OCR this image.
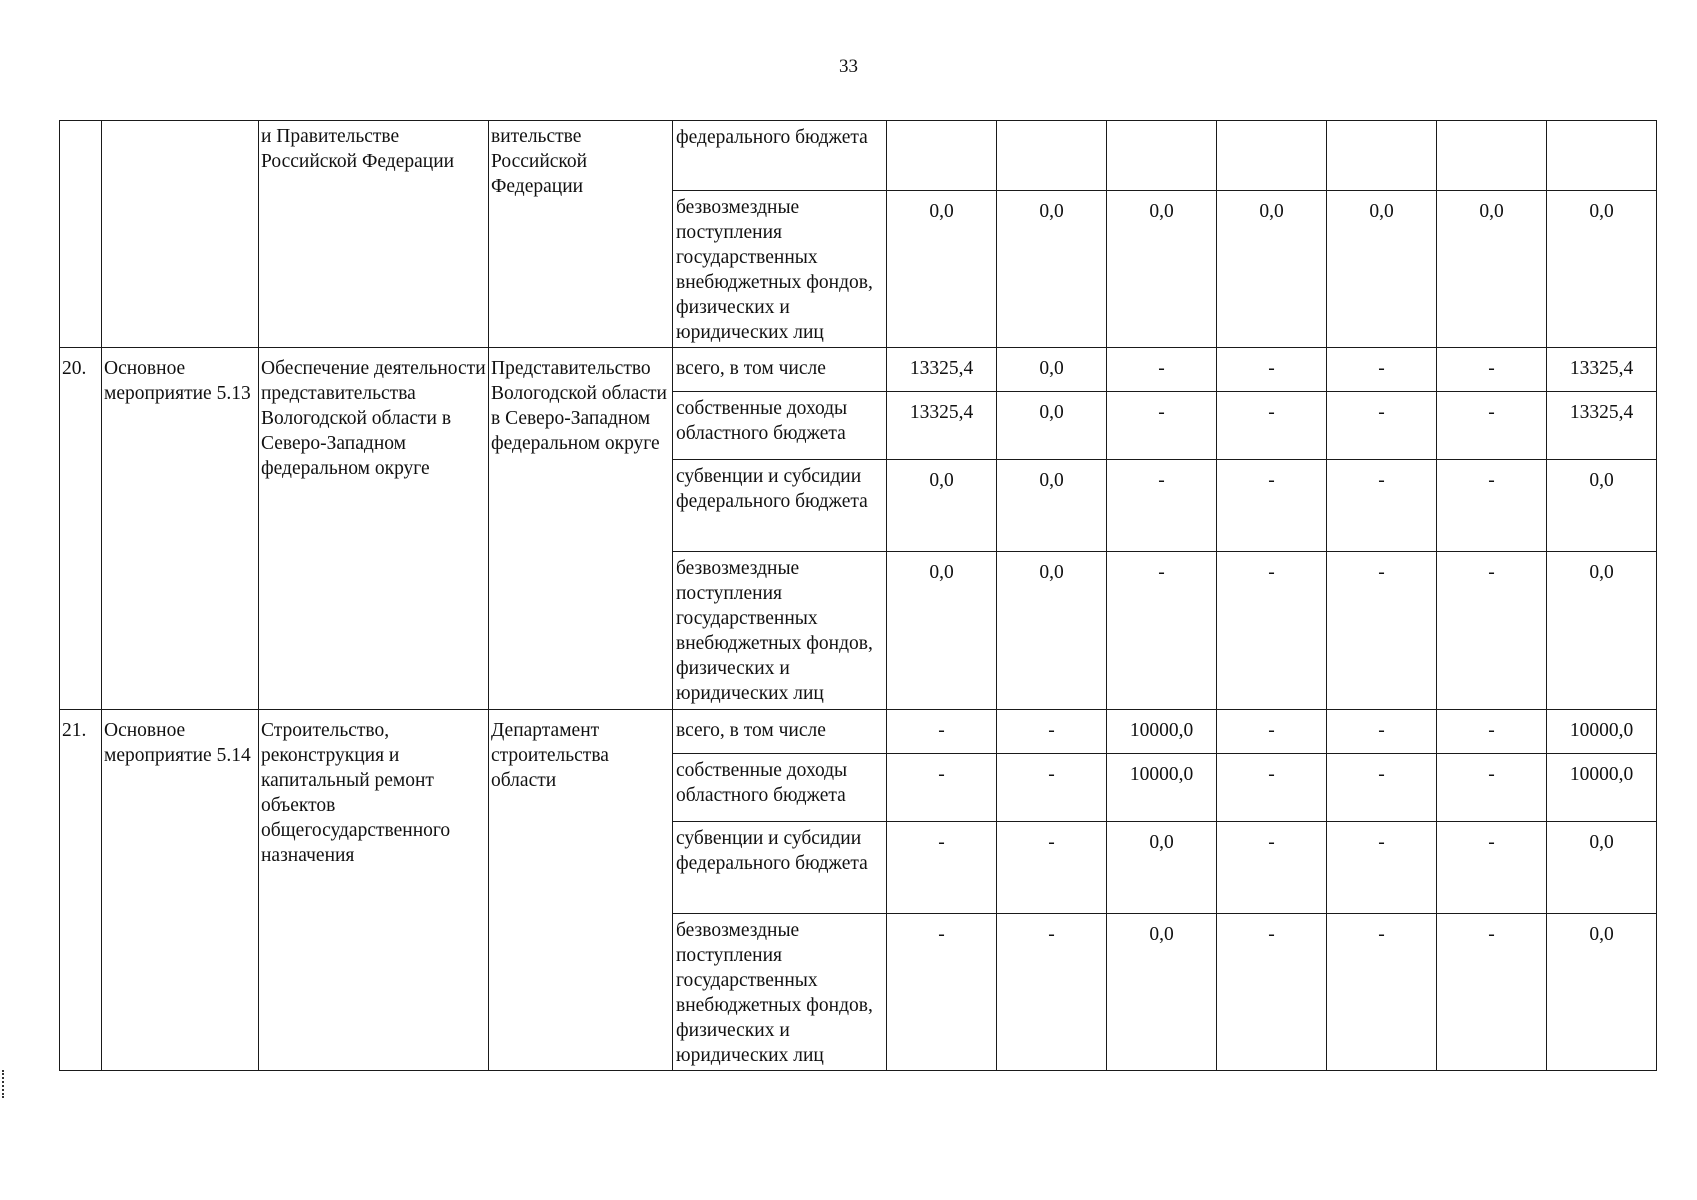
33
		и Правительстве Российской Федерации	вительстве Российской Федерации	федерального бюджета							
				безвозмездные поступления государственных внебюджетных фондов, физических и юридических лиц	0,0	0,0	0,0	0,0	0,0	0,0	0,0
20.	Основное мероприятие 5.13	Обеспечение деятельности представительства Вологодской области в Северо-Западном федеральном округе	Представительство Вологодской области в Северо-Западном федеральном округе	всего, в том числе	13325,4	0,0	-	-	-	-	13325,4
				собственные доходы областного бюджета	13325,4	0,0	-	-	-	-	13325,4
				субвенции и субсидии федерального бюджета	0,0	0,0	-	-	-	-	0,0
				безвозмездные поступления государственных внебюджетных фондов, физических и юридических лиц	0,0	0,0	-	-	-	-	0,0
21.	Основное мероприятие 5.14	Строительство, реконструкция и капитальный ремонт объектов общегосударственного назначения	Департамент строительства области	всего, в том числе	-	-	10000,0	-	-	-	10000,0
				собственные доходы областного бюджета	-	-	10000,0	-	-	-	10000,0
				субвенции и субсидии федерального бюджета	-	-	0,0	-	-	-	0,0
				безвозмездные поступления государственных внебюджетных фондов, физических и юридических лиц	-	-	0,0	-	-	-	0,0
